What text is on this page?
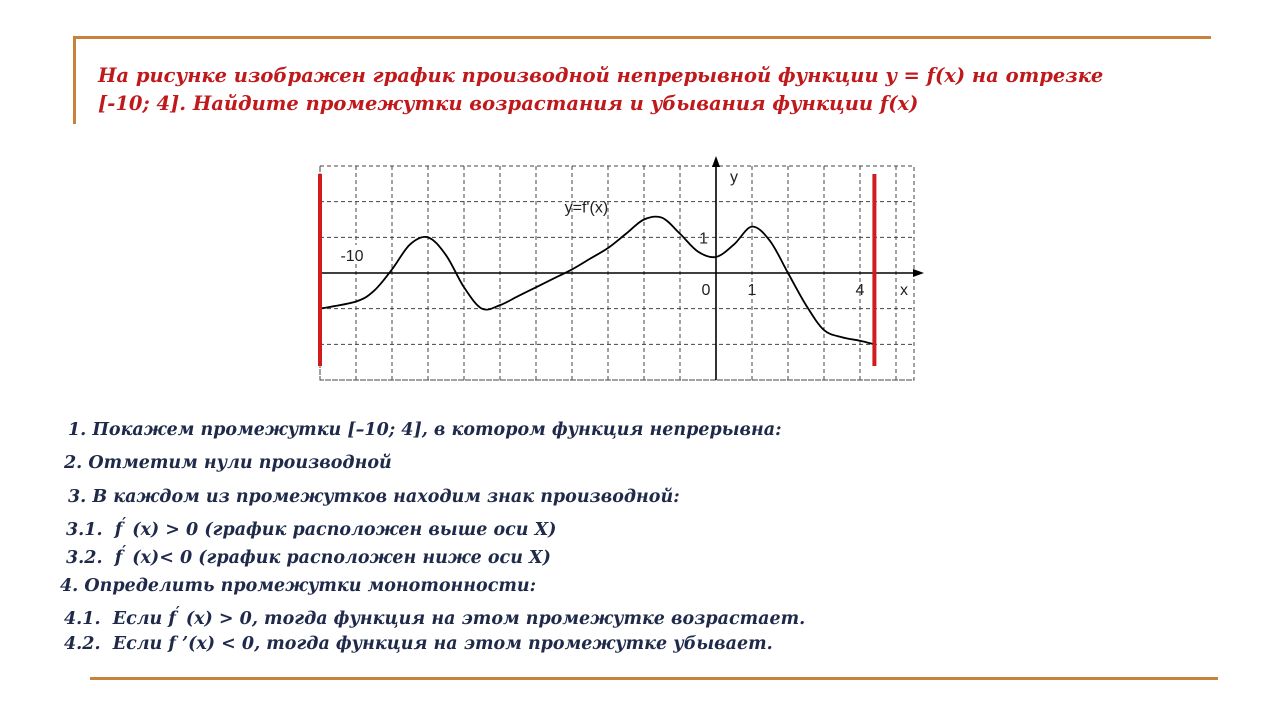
На рисунке изображен график производной непрерывной функции y = f(x) на отрезке
[-10; 4]. Найдите промежутки возрастания и убывания функции f(x)
x
y
-10
0 1	4
1
y=f'(x)

1. Покажем промежутки [–10; 4], в котором функция непрерывна:

2. Отметим нули производной

3. В каждом из промежутков находим знак производной:

3.1. f′ (x) > 0 (график расположен выше оси X)

3.2. f′ (x)< 0 (график расположен ниже оси X)

4. Определить промежутки монотонности:

4.1. Если f′ (x) > 0, тогда функция на этом промежутке возрастает.

4.2. Если f ’(x) < 0, тогда функция на этом промежутке убывает.
